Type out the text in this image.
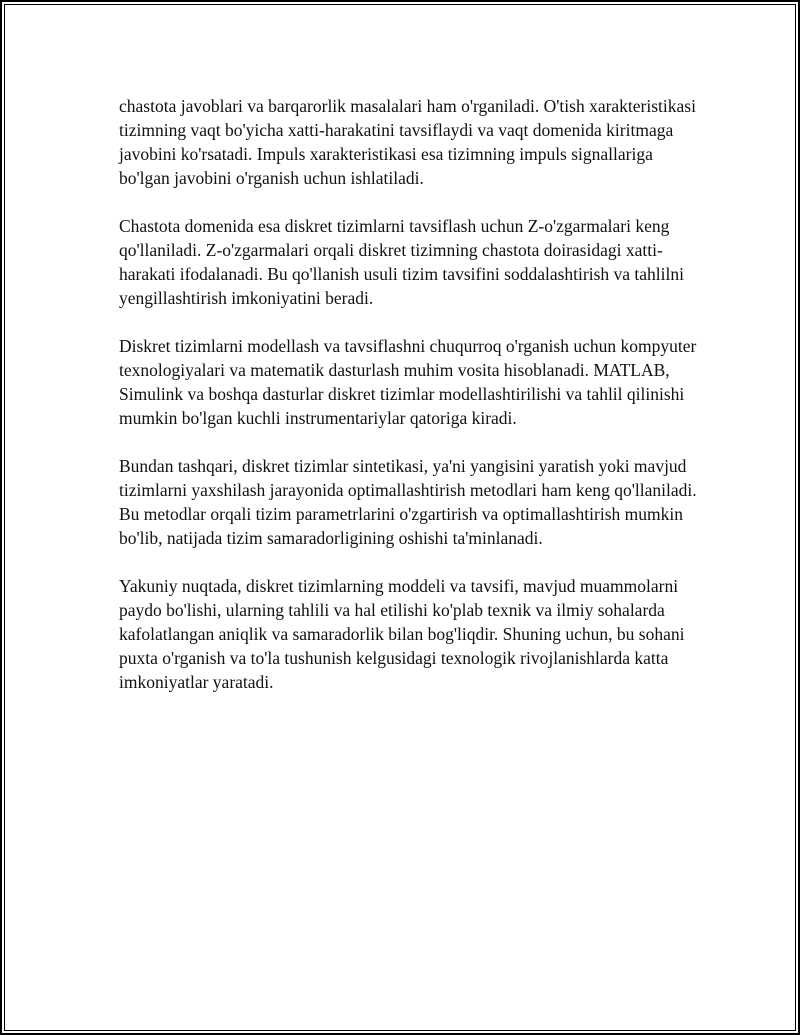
chastota javoblari va barqarorlik masalalari ham o'rganiladi. O'tish xarakteristikasi tizimning vaqt bo'yicha xatti-harakatini tavsiflaydi va vaqt domenida kiritmaga javobini ko'rsatadi. Impuls xarakteristikasi esa tizimning impuls signallariga bo'lgan javobini o'rganish uchun ishlatiladi.

Chastota domenida esa diskret tizimlarni tavsiflash uchun Z-o'zgarmalari keng qo'llaniladi. Z-o'zgarmalari orqali diskret tizimning chastota doirasidagi xatti-harakati ifodalanadi. Bu qo'llanish usuli tizim tavsifini soddalashtirish va tahlilni yengillashtirish imkoniyatini beradi.

Diskret tizimlarni modellash va tavsiflashni chuqurroq o'rganish uchun kompyuter texnologiyalari va matematik dasturlash muhim vosita hisoblanadi. MATLAB, Simulink va boshqa dasturlar diskret tizimlar modellashtirilishi va tahlil qilinishi mumkin bo'lgan kuchli instrumentariylar qatoriga kiradi.

Bundan tashqari, diskret tizimlar sintetikasi, ya'ni yangisini yaratish yoki mavjud tizimlarni yaxshilash jarayonida optimallashtirish metodlari ham keng qo'llaniladi. Bu metodlar orqali tizim parametrlarini o'zgartirish va optimallashtirish mumkin bo'lib, natijada tizim samaradorligining oshishi ta'minlanadi.

Yakuniy nuqtada, diskret tizimlarning moddeli va tavsifi, mavjud muammolarni paydo bo'lishi, ularning tahlili va hal etilishi ko'plab texnik va ilmiy sohalarda kafolatlangan aniqlik va samaradorlik bilan bog'liqdir. Shuning uchun, bu sohani puxta o'rganish va to'la tushunish kelgusidagi texnologik rivojlanishlarda katta imkoniyatlar yaratadi.
